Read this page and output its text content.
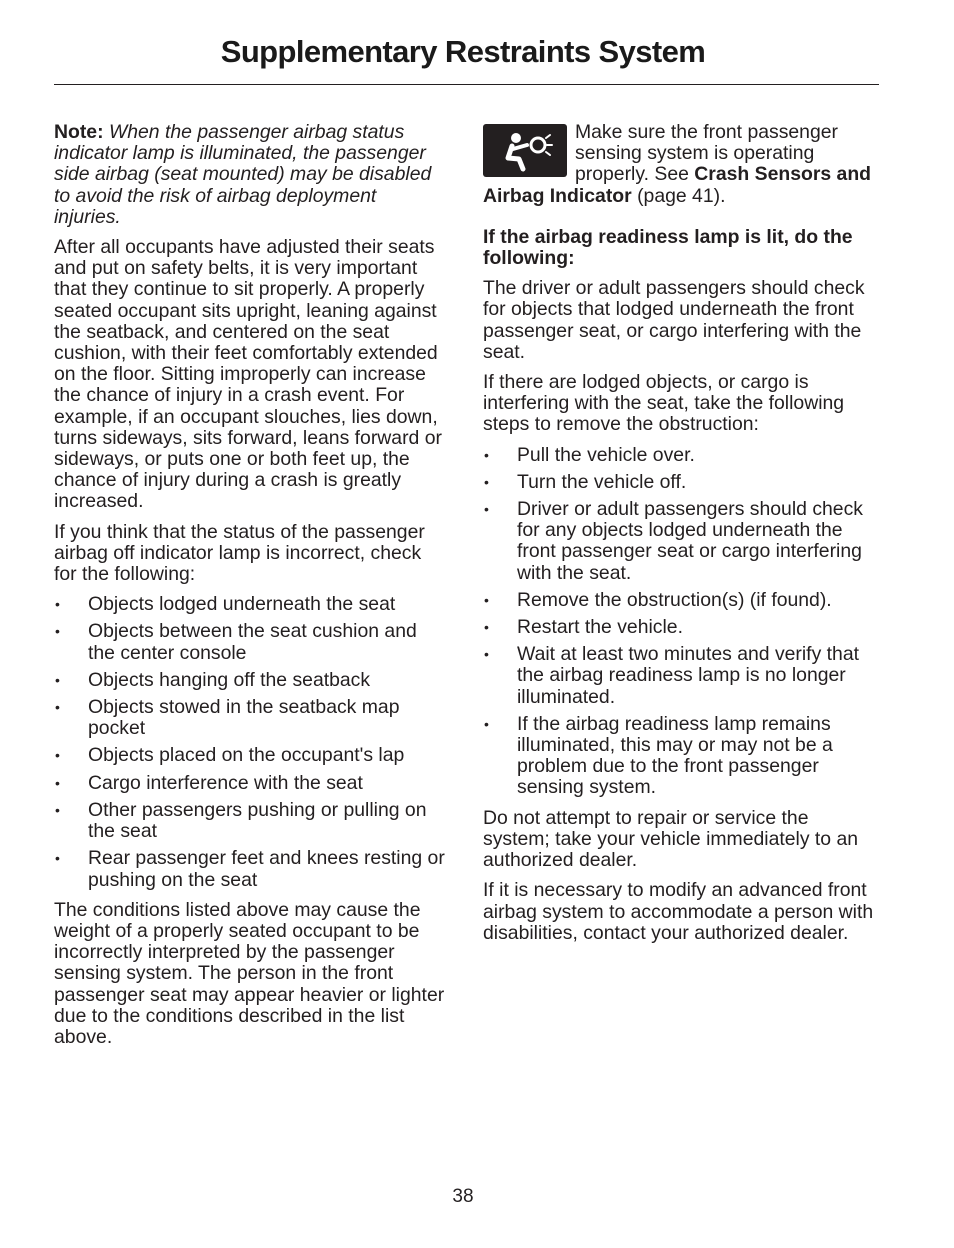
Supplementary Restraints System

Note: When the passenger airbag status indicator lamp is illuminated, the passenger side airbag (seat mounted) may be disabled to avoid the risk of airbag deployment injuries.

After all occupants have adjusted their seats and put on safety belts, it is very important that they continue to sit properly. A properly seated occupant sits upright, leaning against the seatback, and centered on the seat cushion, with their feet comfortably extended on the floor. Sitting improperly can increase the chance of injury in a crash event. For example, if an occupant slouches, lies down, turns sideways, sits forward, leans forward or sideways, or puts one or both feet up, the chance of injury during a crash is greatly increased.

If you think that the status of the passenger airbag off indicator lamp is incorrect, check for the following:

• Objects lodged underneath the seat
• Objects between the seat cushion and the center console
• Objects hanging off the seatback
• Objects stowed in the seatback map pocket
• Objects placed on the occupant's lap
• Cargo interference with the seat
• Other passengers pushing or pulling on the seat
• Rear passenger feet and knees resting or pushing on the seat

The conditions listed above may cause the weight of a properly seated occupant to be incorrectly interpreted by the passenger sensing system. The person in the front passenger seat may appear heavier or lighter due to the conditions described in the list above.

Make sure the front passenger sensing system is operating properly. See Crash Sensors and Airbag Indicator (page 41).

If the airbag readiness lamp is lit, do the following:

The driver or adult passengers should check for objects that lodged underneath the front passenger seat, or cargo interfering with the seat.

If there are lodged objects, or cargo is interfering with the seat, take the following steps to remove the obstruction:

• Pull the vehicle over.
• Turn the vehicle off.
• Driver or adult passengers should check for any objects lodged underneath the front passenger seat or cargo interfering with the seat.
• Remove the obstruction(s) (if found).
• Restart the vehicle.
• Wait at least two minutes and verify that the airbag readiness lamp is no longer illuminated.
• If the airbag readiness lamp remains illuminated, this may or may not be a problem due to the front passenger sensing system.

Do not attempt to repair or service the system; take your vehicle immediately to an authorized dealer.

If it is necessary to modify an advanced front airbag system to accommodate a person with disabilities, contact your authorized dealer.

38
